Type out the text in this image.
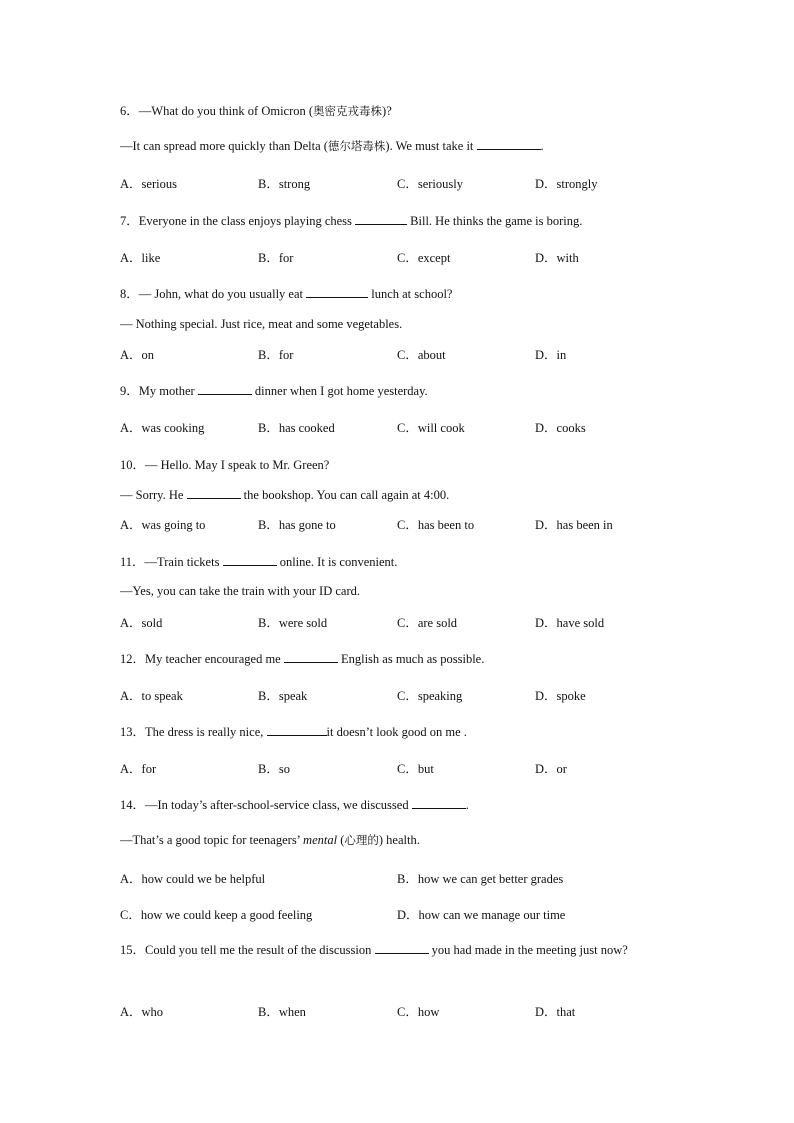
6．—What do you think of Omicron (奥密克戎毒株)?
—It can spread more quickly than Delta (德尔塔毒株). We must take it	.
A．serious	B．strong	C．seriously	D．strongly
7．Everyone in the class enjoys playing chess	Bill. He thinks the game is boring.
A．like	B．for	C．except	D．with
8．— John, what do you usually eat	lunch at school?
— Nothing special. Just rice, meat and some vegetables.
A．on	B．for	C．about	D．in
9．My mother	dinner when I got home yesterday.
A．was cooking	B．has cooked	C．will cook	D．cooks
10．— Hello. May I speak to Mr. Green?
— Sorry. He	the bookshop. You can call again at 4:00.
A．was going to	B．has gone to	C．has been to	D．has been in
11．—Train tickets	online. It is convenient.
—Yes, you can take the train with your ID card.
A．sold	B．were sold	C．are sold	D．have sold
12．My teacher encouraged me	English as much as possible.
A．to speak	B．speak	C．speaking	D．spoke
13．The dress is really nice,	it doesn’t look good on me .
A．for	B．so	C．but	D．or
14．—In today’s after-school-service class, we discussed	.
—That’s a good topic for teenagers’ mental (心理的) health.
A．how could we be helpful	B．how we can get better grades
C．how we could keep a good feeling	D．how can we manage our time
15．Could you tell me the result of the discussion	you had made in the meeting just now?
A．who	B．when	C．how	D．that
